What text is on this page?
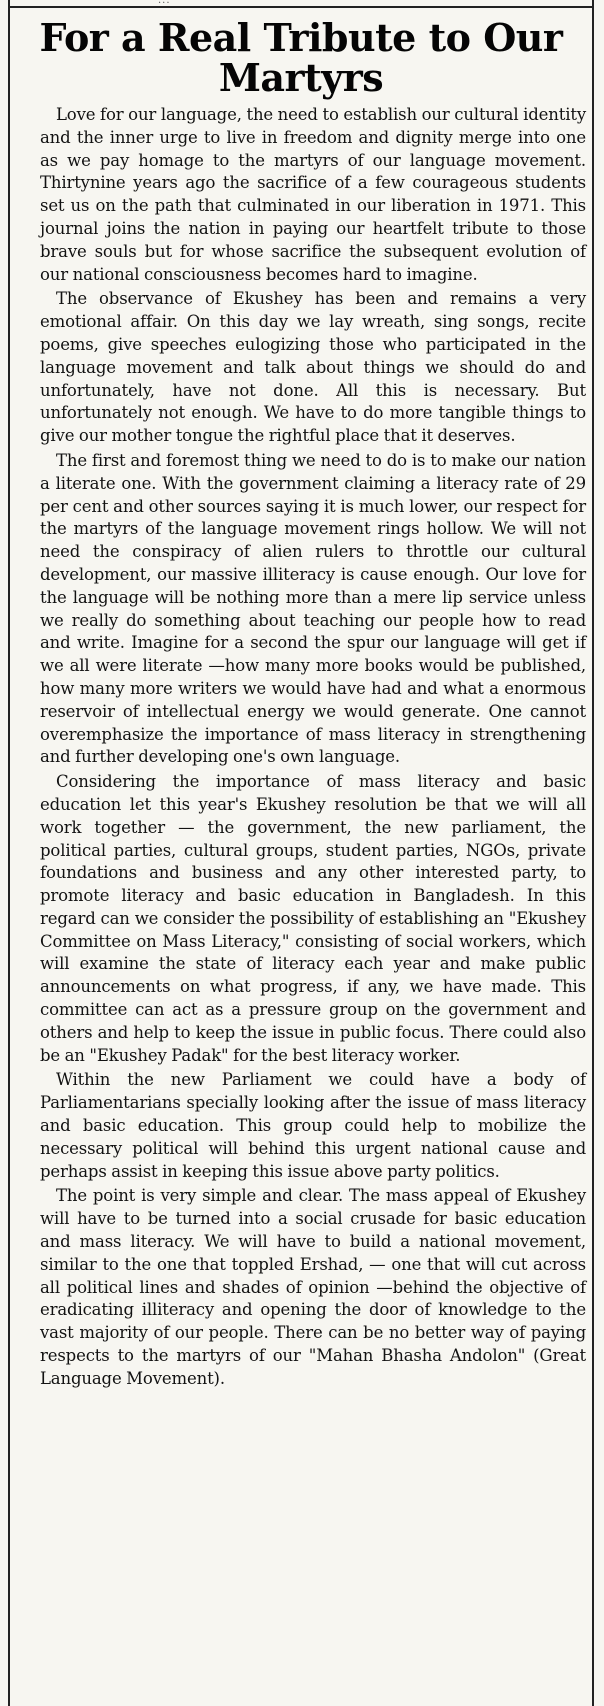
...
For a Real Tribute to Our Martyrs

Love for our language, the need to establish our cultural identity and the inner urge to live in freedom and dignity merge into one as we pay homage to the martyrs of our language movement. Thirtynine years ago the sacrifice of a few courageous students set us on the path that culminated in our liberation in 1971. This journal joins the nation in paying our heartfelt tribute to those brave souls but for whose sacrifice the subsequent evolution of our national consciousness becomes hard to imagine.

The observance of Ekushey has been and remains a very emotional affair. On this day we lay wreath, sing songs, recite poems, give speeches eulogizing those who participated in the language movement and talk about things we should do and unfortunately, have not done. All this is necessary. But unfortunately not enough. We have to do more tangible things to give our mother tongue the rightful place that it deserves.

The first and foremost thing we need to do is to make our nation a literate one. With the government claiming a literacy rate of 29 per cent and other sources saying it is much lower, our respect for the martyrs of the language movement rings hollow. We will not need the conspiracy of alien rulers to throttle our cultural development, our massive illiteracy is cause enough. Our love for the language will be nothing more than a mere lip service unless we really do something about teaching our people how to read and write. Imagine for a second the spur our language will get if we all were literate —how many more books would be published, how many more writers we would have had and what a enormous reservoir of intellectual energy we would generate. One cannot overemphasize the importance of mass literacy in strengthening and further developing one's own language.

Considering the importance of mass literacy and basic education let this year's Ekushey resolution be that we will all work together — the government, the new parliament, the political parties, cultural groups, student parties, NGOs, private foundations and business and any other interested party, to promote literacy and basic education in Bangladesh. In this regard can we consider the possibility of establishing an "Ekushey Committee on Mass Literacy," consisting of social workers, which will examine the state of literacy each year and make public announcements on what progress, if any, we have made. This committee can act as a pressure group on the government and others and help to keep the issue in public focus. There could also be an "Ekushey Padak" for the best literacy worker.

Within the new Parliament we could have a body of Parliamentarians specially looking after the issue of mass literacy and basic education. This group could help to mobilize the necessary political will behind this urgent national cause and perhaps assist in keeping this issue above party politics.

The point is very simple and clear. The mass appeal of Ekushey will have to be turned into a social crusade for basic education and mass literacy. We will have to build a national movement, similar to the one that toppled Ershad, — one that will cut across all political lines and shades of opinion —behind the objective of eradicating illiteracy and opening the door of knowledge to the vast majority of our people. There can be no better way of paying respects to the martyrs of our "Mahan Bhasha Andolon" (Great Language Movement).
